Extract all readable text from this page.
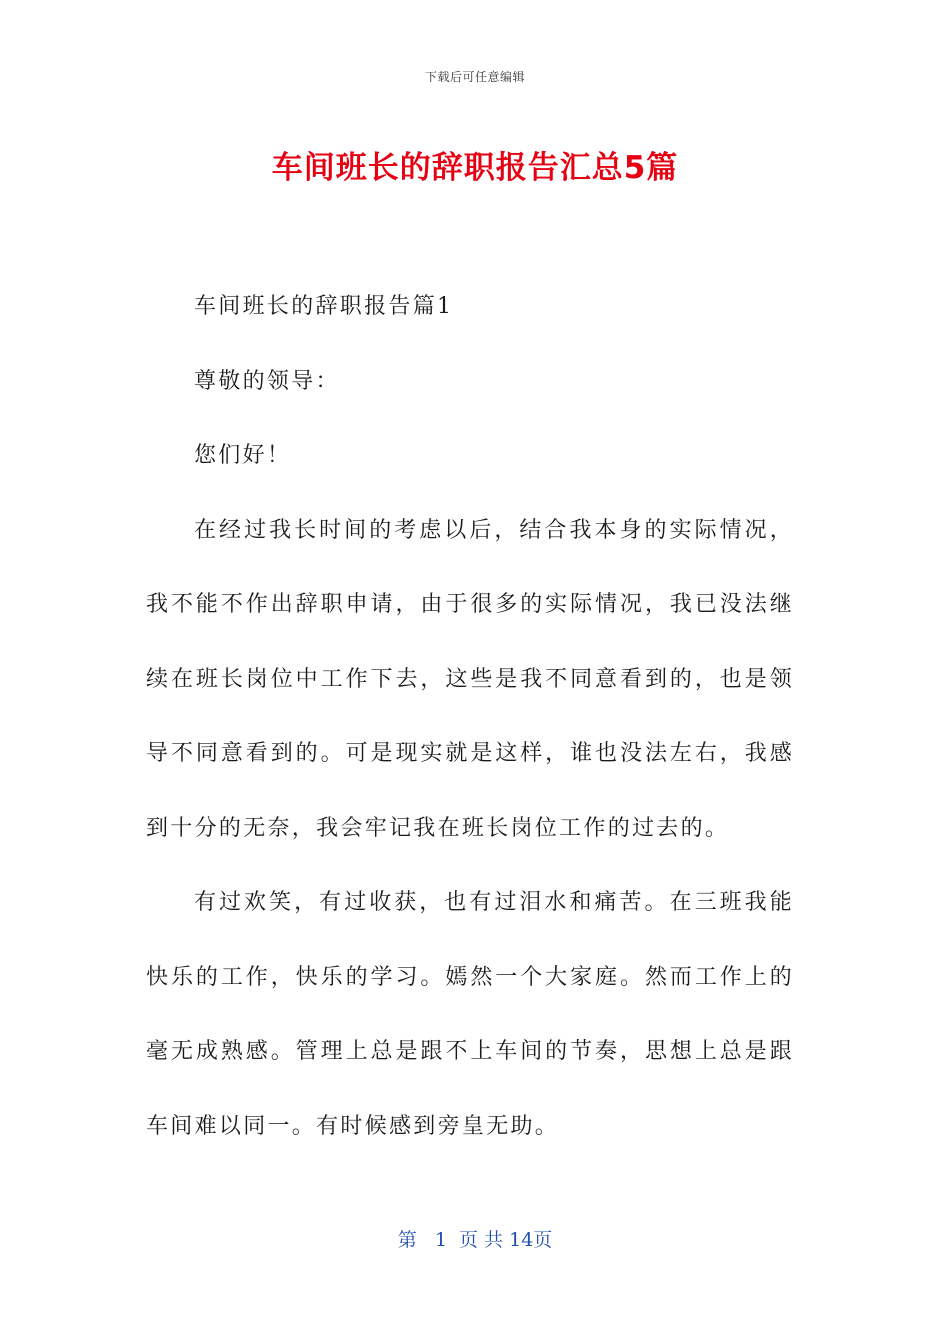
下载后可任意编辑
车间班长的辞职报告汇总5篇

车间班长的辞职报告篇1

尊敬的领导：

您们好！

在经过我长时间的考虑以后，结合我本身的实际情况，我不能不作出辞职申请，由于很多的实际情况，我已没法继续在班长岗位中工作下去，这些是我不同意看到的，也是领导不同意看到的。可是现实就是这样，谁也没法左右，我感到十分的无奈，我会牢记我在班长岗位工作的过去的。

有过欢笑，有过收获，也有过泪水和痛苦。在三班我能快乐的工作，快乐的学习。嫣然一个大家庭。然而工作上的毫无成熟感。管理上总是跟不上车间的节奏，思想上总是跟车间难以同一。有时候感到旁皇无助。

第 1 页 共 14页
